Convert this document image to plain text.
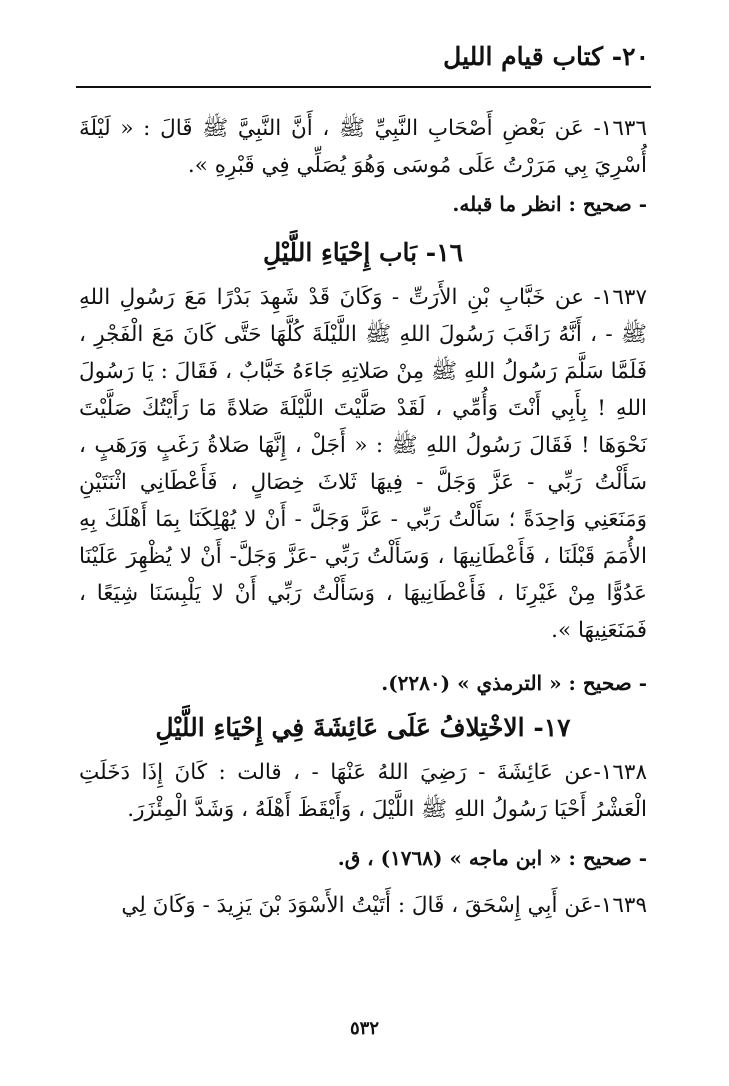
٢٠- كتاب قيام الليل

١٦٣٦- عَن بَعْضِ أَصْحَابِ النَّبِيِّ ﷺ ، أَنَّ النَّبِيَّ ﷺ قَالَ : « لَيْلَةَ أُسْرِيَ بِي مَرَرْتُ عَلَى مُوسَى وَهُوَ يُصَلِّي فِي قَبْرِهِ ».

- صحيح : انظر ما قبله.

١٦- بَاب إِحْيَاءِ اللَّيْلِ

١٦٣٧- عن خَبَّابِ بْنِ الأَرَتِّ - وَكَانَ قَدْ شَهِدَ بَدْرًا مَعَ رَسُولِ اللهِ ﷺ - ، أَنَّهُ رَاقَبَ رَسُولَ اللهِ ﷺ اللَّيْلَةَ كُلَّهَا حَتَّى كَانَ مَعَ الْفَجْرِ ، فَلَمَّا سَلَّمَ رَسُولُ اللهِ ﷺ مِنْ صَلاتِهِ جَاءَهُ خَبَّابٌ ، فَقَالَ : يَا رَسُولَ اللهِ ! بِأَبِي أَنْتَ وَأُمِّي ، لَقَدْ صَلَّيْتَ اللَّيْلَةَ صَلاةً مَا رَأَيْتُكَ صَلَّيْتَ نَحْوَهَا ! فَقَالَ رَسُولُ اللهِ ﷺ : « أَجَلْ ، إِنَّهَا صَلاةُ رَغَبٍ وَرَهَبٍ ، سَأَلْتُ رَبِّي - عَزَّ وَجَلَّ - فِيهَا ثَلاثَ خِصَالٍ ، فَأَعْطَانِي اثْنَتَيْنِ وَمَنَعَنِي وَاحِدَةً ؛ سَأَلْتُ رَبِّي - عَزَّ وَجَلَّ - أَنْ لا يُهْلِكَنَا بِمَا أَهْلَكَ بِهِ الأُمَمَ قَبْلَنَا ، فَأَعْطَانِيهَا ، وَسَأَلْتُ رَبِّي -عَزَّ وَجَلَّ- أَنْ لا يُظْهِرَ عَلَيْنَا عَدُوًّا مِنْ غَيْرِنَا ، فَأَعْطَانِيهَا ، وَسَأَلْتُ رَبِّي أَنْ لا يَلْبِسَنَا شِيَعًا ، فَمَنَعَنِيهَا ».

- صحيح : « الترمذي » (٢٢٨٠).

١٧- الاخْتِلافُ عَلَى عَائِشَةَ فِي إِحْيَاءِ اللَّيْلِ

١٦٣٨-عن عَائِشَةَ - رَضِيَ اللهُ عَنْهَا - ، قالت : كَانَ إِذَا دَخَلَتِ الْعَشْرُ أَحْيَا رَسُولُ اللهِ ﷺ اللَّيْلَ ، وَأَيْقَظَ أَهْلَهُ ، وَشَدَّ الْمِئْزَرَ.

- صحيح : « ابن ماجه » (١٧٦٨) ، ق.

١٦٣٩-عَن أَبِي إِسْحَقَ ، قَالَ : أَتَيْتُ الأَسْوَدَ بْنَ يَزِيدَ - وَكَانَ لِي

٥٣٢
